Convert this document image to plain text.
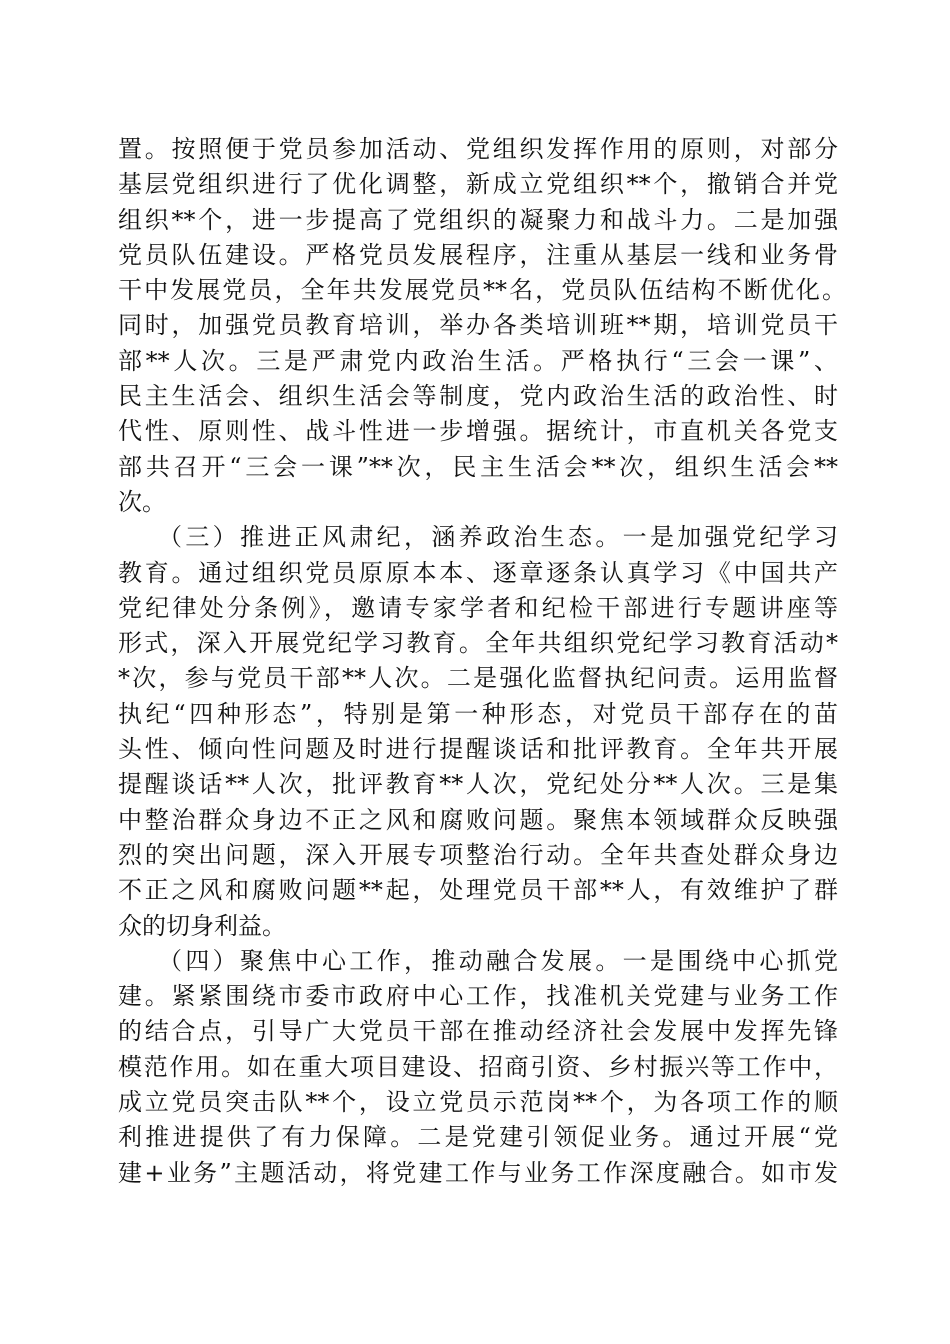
置。按照便于党员参加活动、党组织发挥作用的原则，对部分
基层党组织进行了优化调整，新成立党组织**个，撤销合并党
组织**个，进一步提高了党组织的凝聚力和战斗力。二是加强
党员队伍建设。严格党员发展程序，注重从基层一线和业务骨
干中发展党员，全年共发展党员**名，党员队伍结构不断优化。
同时，加强党员教育培训，举办各类培训班**期，培训党员干
部**人次。三是严肃党内政治生活。严格执行“三会一课”、
民主生活会、组织生活会等制度，党内政治生活的政治性、时
代性、原则性、战斗性进一步增强。据统计，市直机关各党支
部共召开“三会一课”**次，民主生活会**次，组织生活会**
次。
（三）推进正风肃纪，涵养政治生态。一是加强党纪学习
教育。通过组织党员原原本本、逐章逐条认真学习《中国共产
党纪律处分条例》，邀请专家学者和纪检干部进行专题讲座等
形式，深入开展党纪学习教育。全年共组织党纪学习教育活动*
*次，参与党员干部**人次。二是强化监督执纪问责。运用监督
执纪“四种形态”，特别是第一种形态，对党员干部存在的苗
头性、倾向性问题及时进行提醒谈话和批评教育。全年共开展
提醒谈话**人次，批评教育**人次，党纪处分**人次。三是集
中整治群众身边不正之风和腐败问题。聚焦本领域群众反映强
烈的突出问题，深入开展专项整治行动。全年共查处群众身边
不正之风和腐败问题**起，处理党员干部**人，有效维护了群
众的切身利益。
（四）聚焦中心工作，推动融合发展。一是围绕中心抓党
建。紧紧围绕市委市政府中心工作，找准机关党建与业务工作
的结合点，引导广大党员干部在推动经济社会发展中发挥先锋
模范作用。如在重大项目建设、招商引资、乡村振兴等工作中，
成立党员突击队**个，设立党员示范岗**个，为各项工作的顺
利推进提供了有力保障。二是党建引领促业务。通过开展“党
建+业务”主题活动，将党建工作与业务工作深度融合。如市发
